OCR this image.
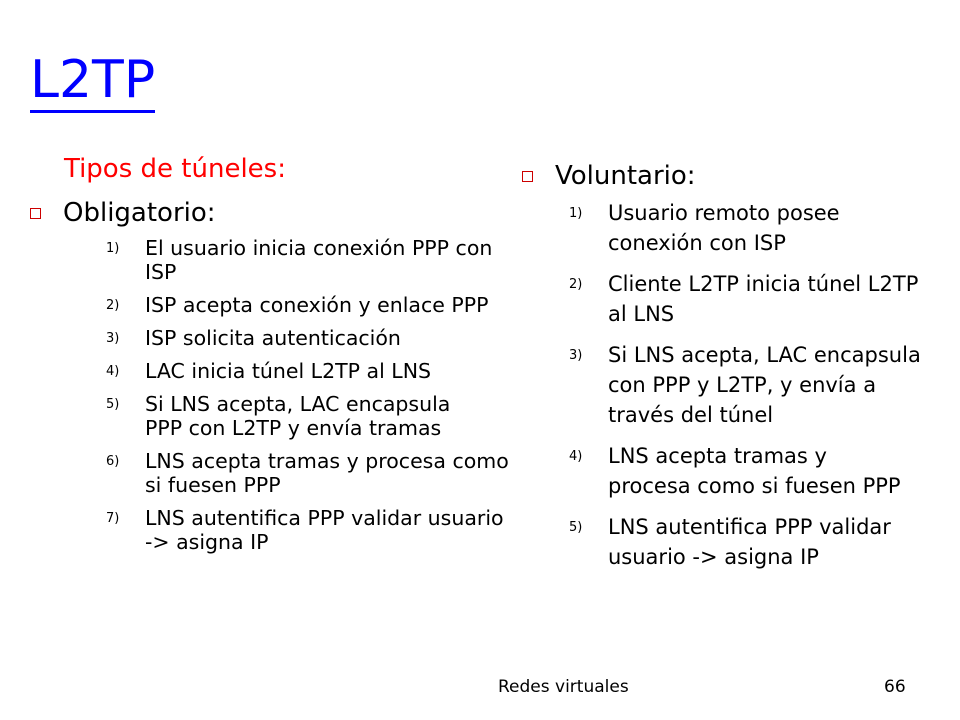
L2TP
Tipos de túneles:
Obligatorio:
1) El usuario inicia conexión PPP con ISP
2) ISP acepta conexión y enlace PPP
3) ISP solicita autenticación
4) LAC inicia túnel L2TP al LNS
5) Si LNS acepta, LAC encapsula PPP con L2TP y envía tramas
6) LNS acepta tramas y procesa como si fuesen PPP
7) LNS autentifica PPP validar usuario -> asigna IP
Voluntario:
1) Usuario remoto posee conexión con ISP
2) Cliente L2TP inicia túnel L2TP al LNS
3) Si LNS acepta, LAC encapsula con PPP y L2TP, y envía a través del túnel
4) LNS acepta tramas y procesa como si fuesen PPP
5) LNS autentifica PPP validar usuario -> asigna IP
Redes virtuales	66
